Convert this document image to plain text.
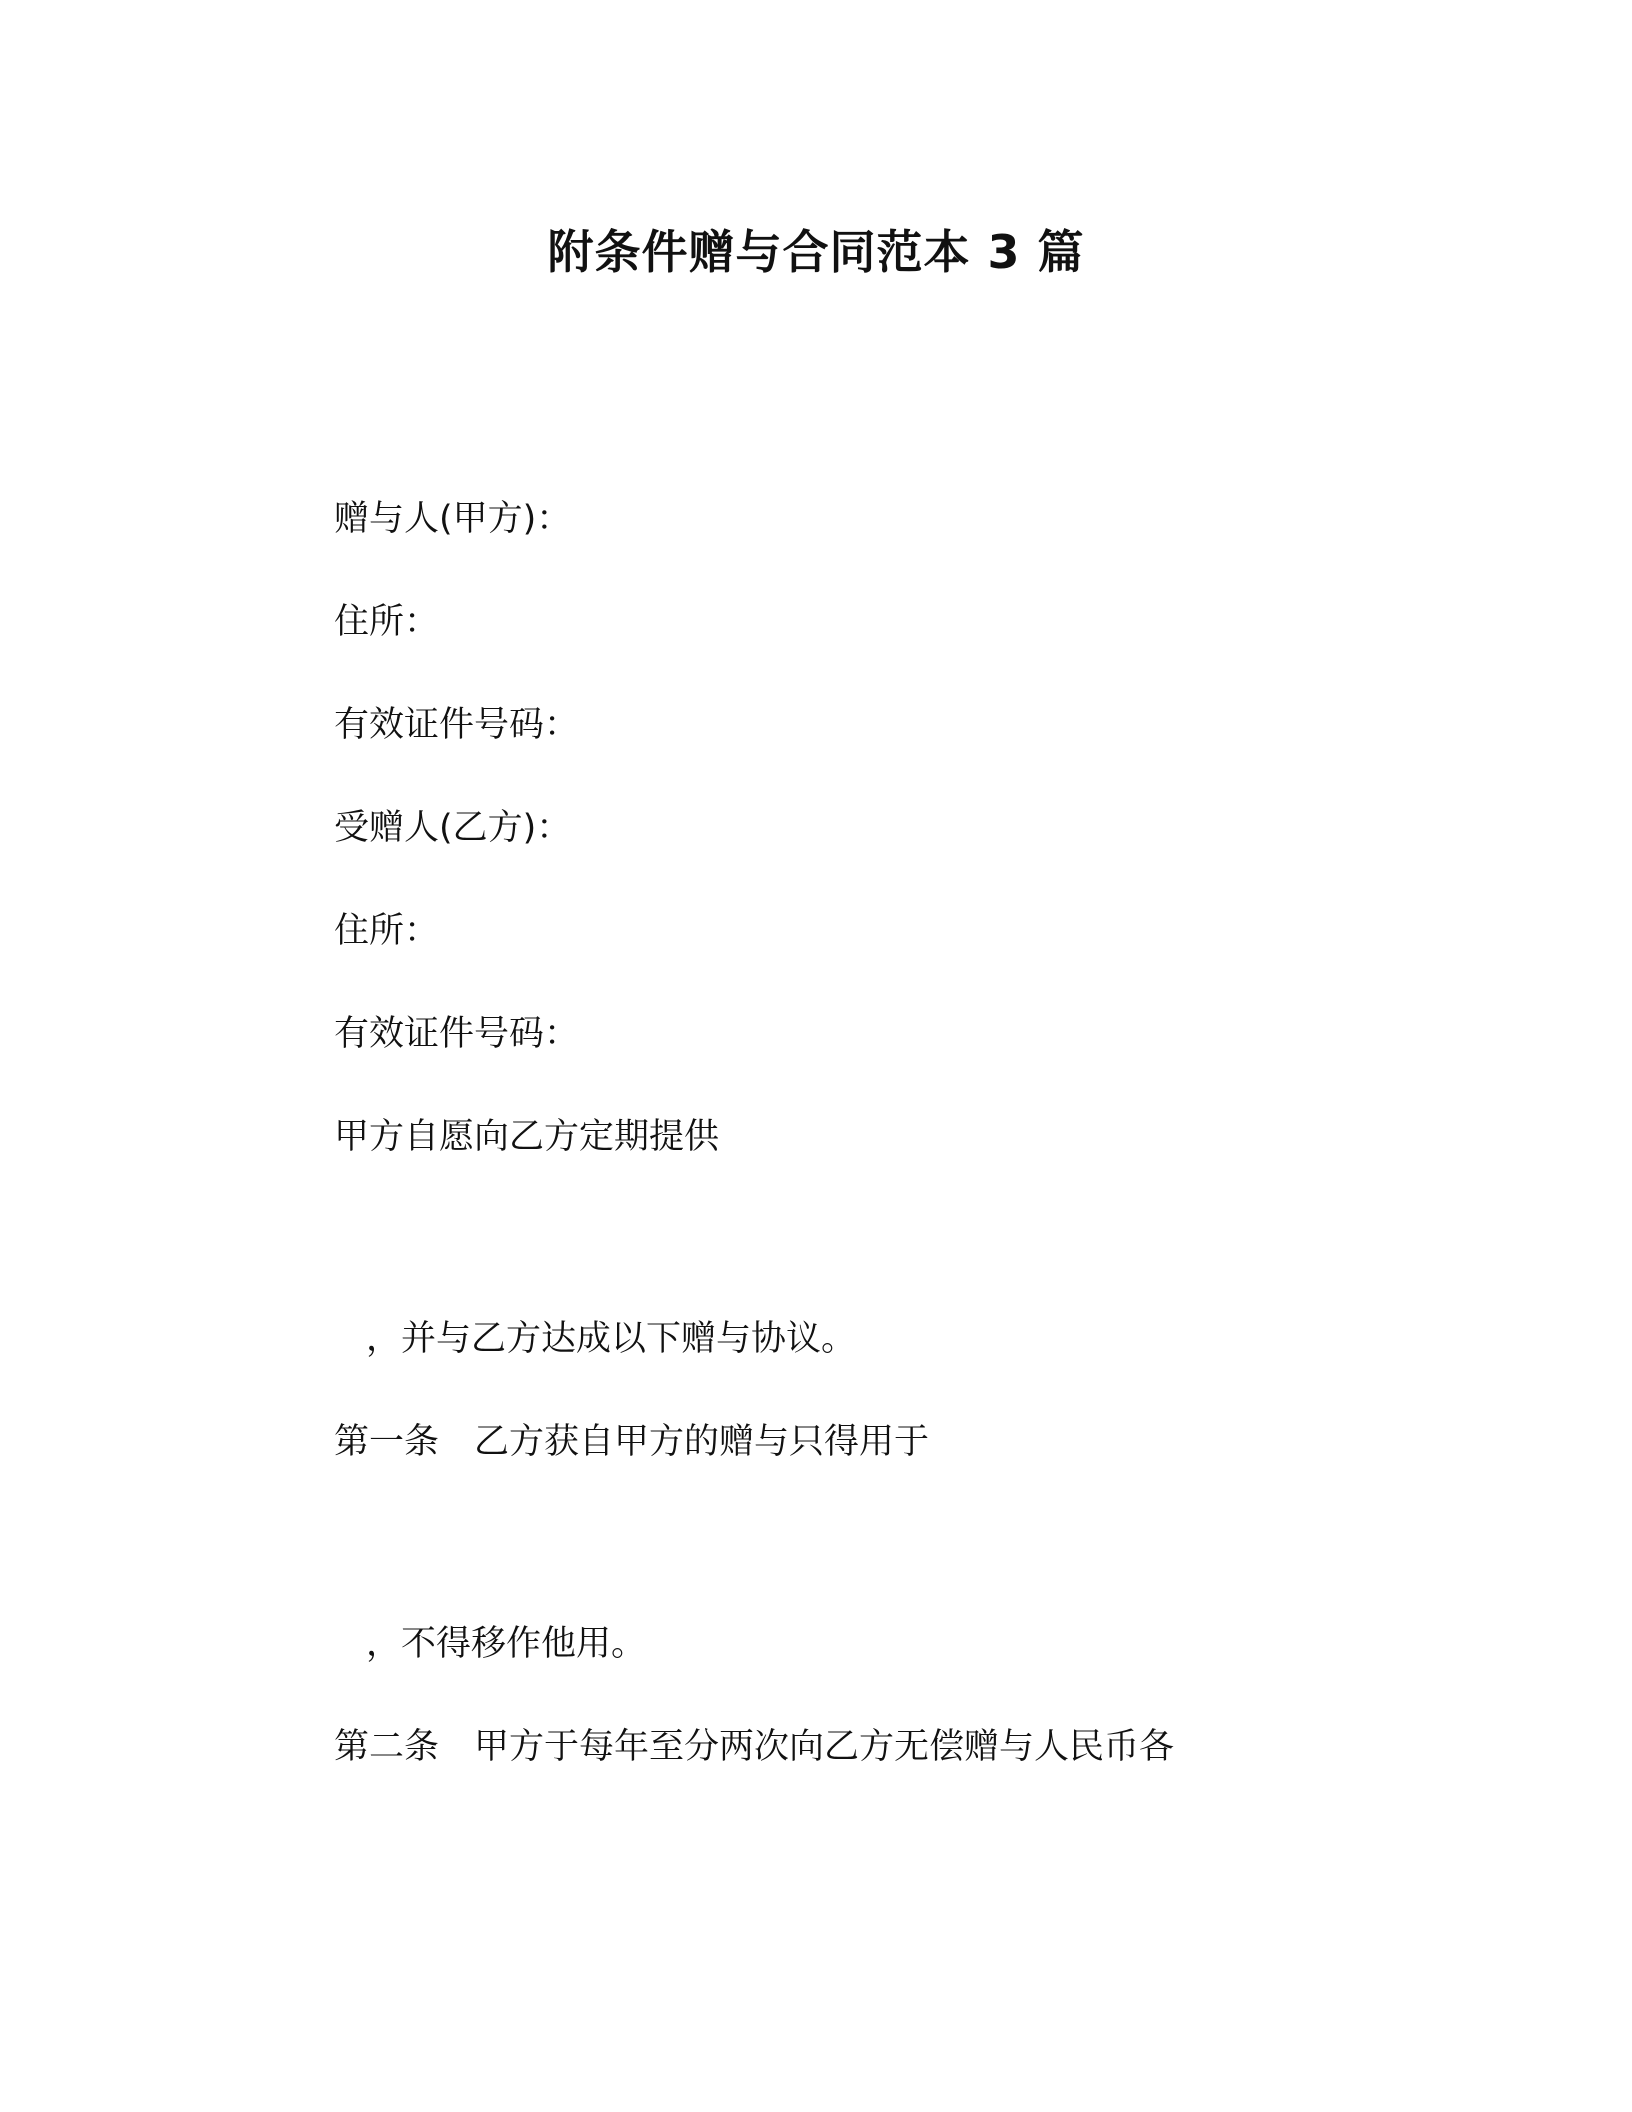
附条件赠与合同范本 3 篇
赠与人(甲方)：
住所：
有效证件号码：
受赠人(乙方)：
住所：
有效证件号码：
甲方自愿向乙方定期提供
，并与乙方达成以下赠与协议。
第一条　乙方获自甲方的赠与只得用于
，不得移作他用。
第二条　甲方于每年至分两次向乙方无偿赠与人民币各
